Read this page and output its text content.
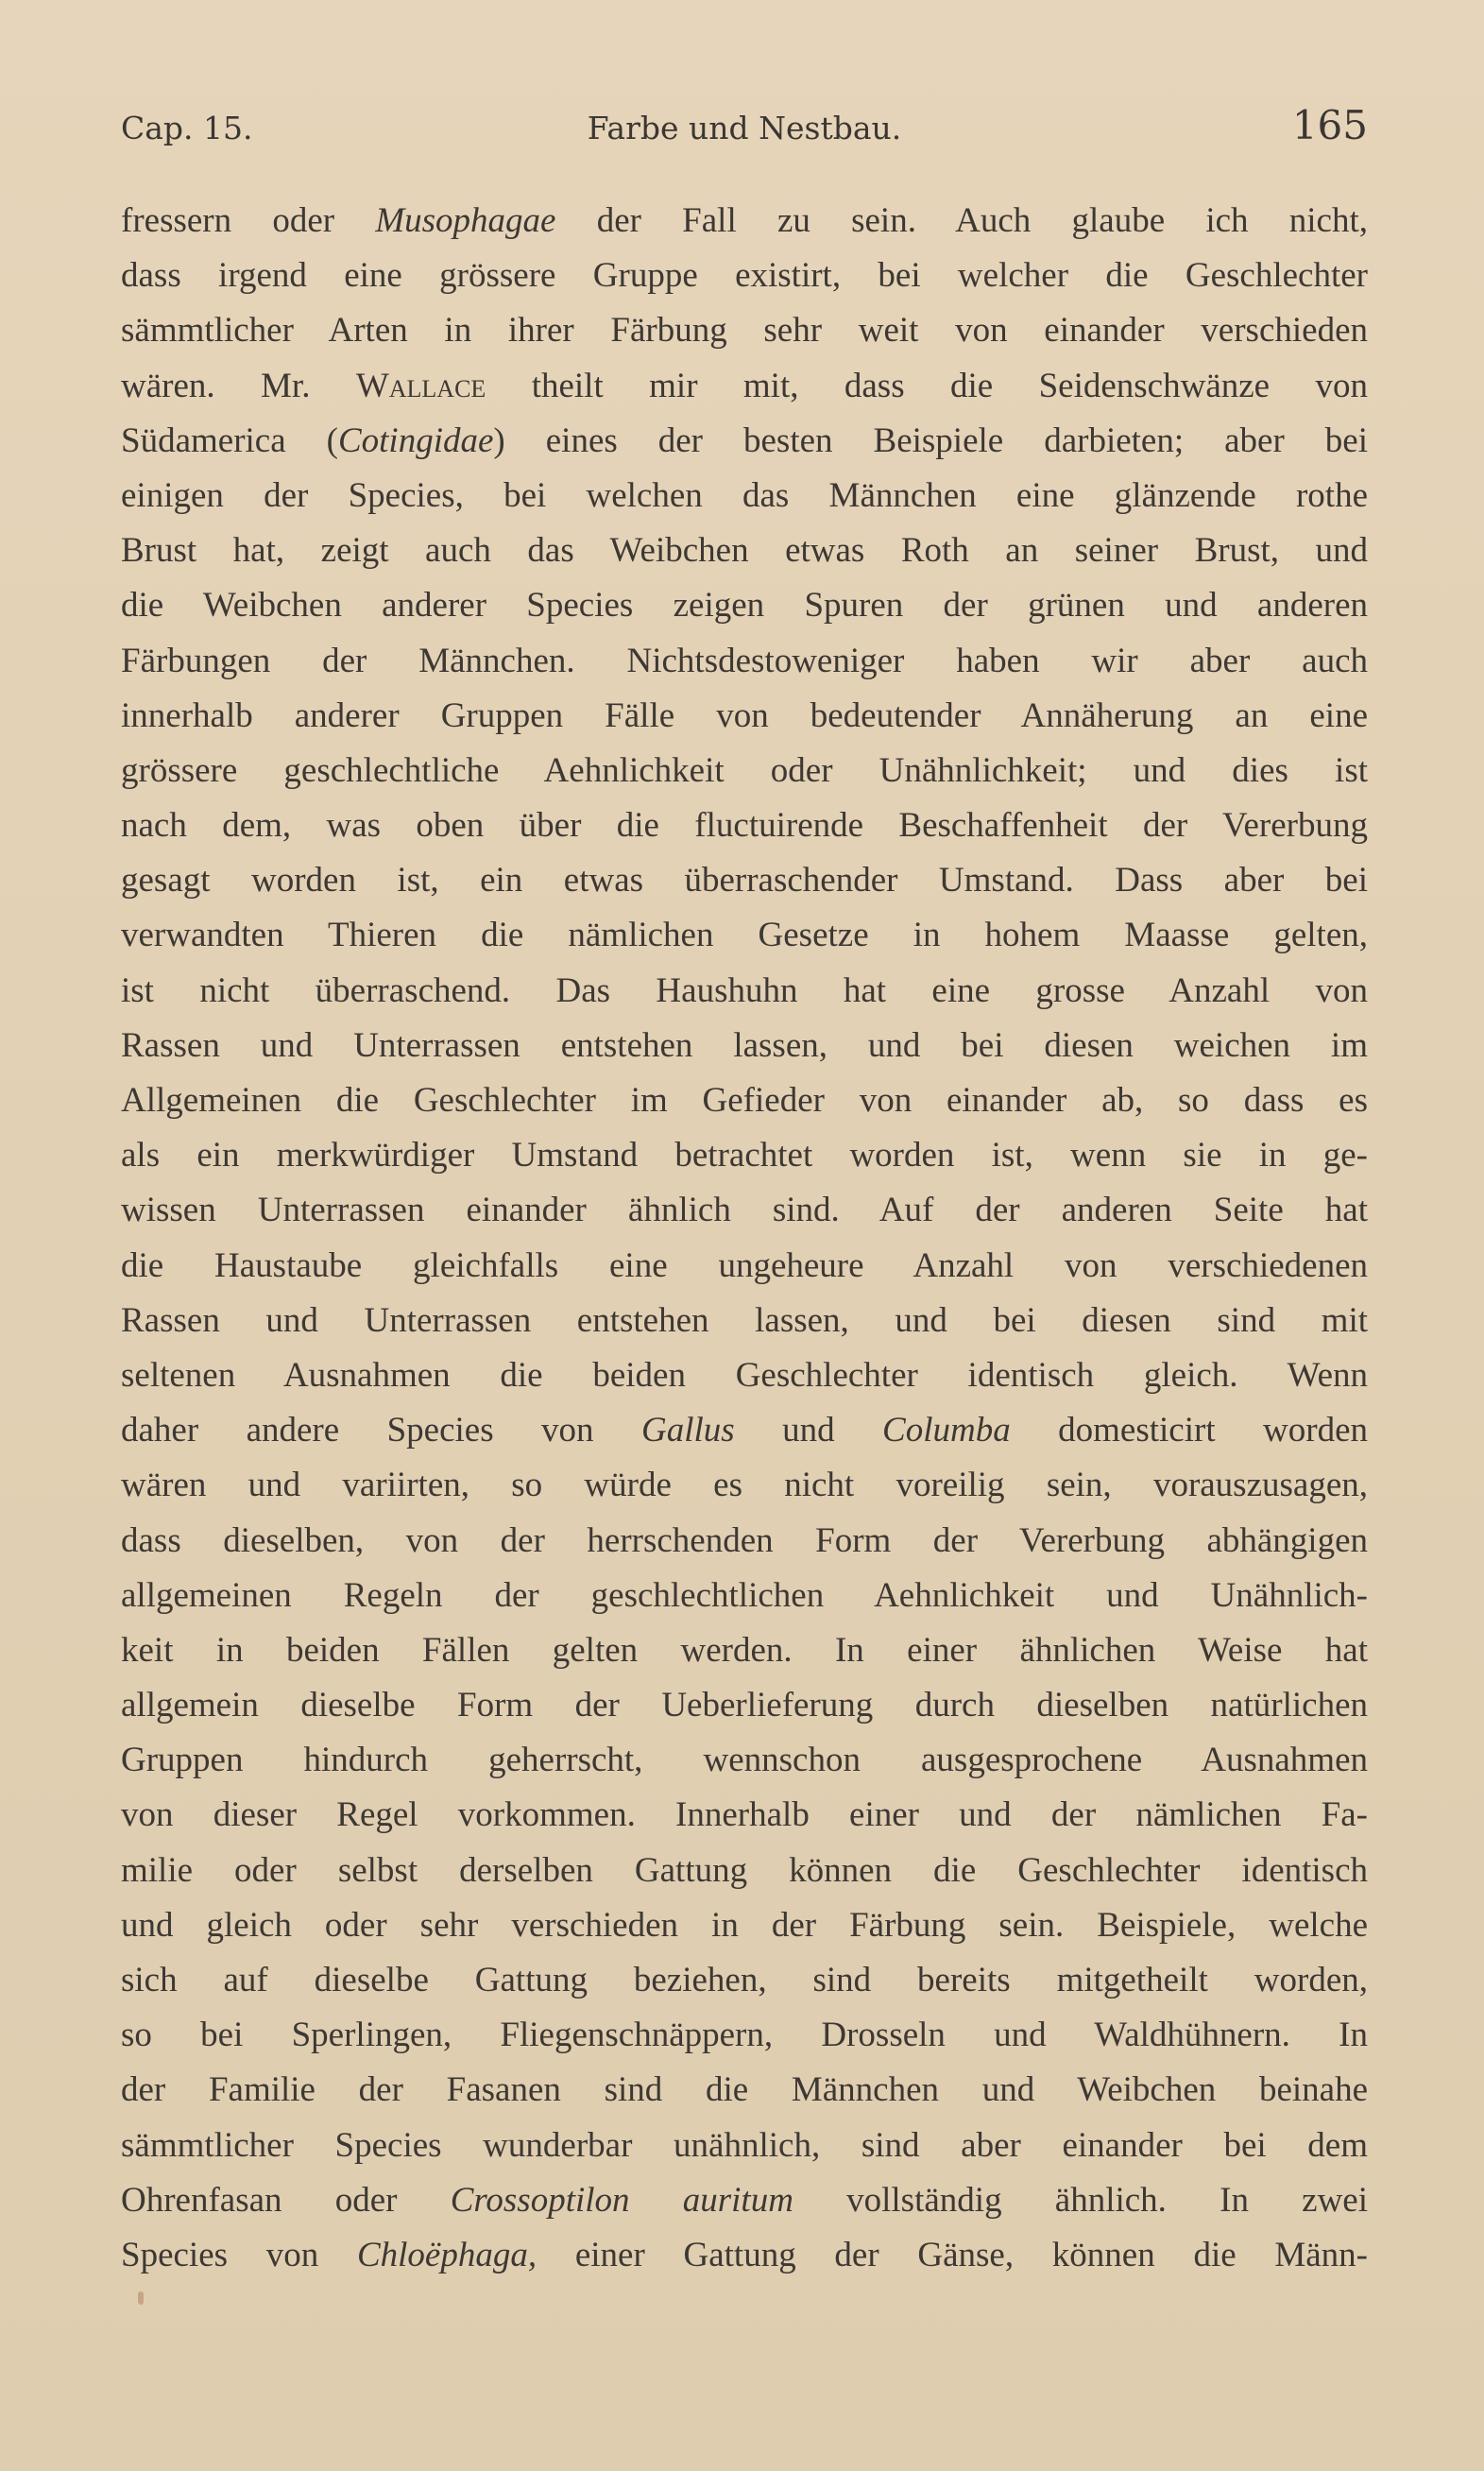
Cap. 15.	Farbe und Nestbau.	165
fressern oder Musophagae der Fall zu sein. Auch glaube ich nicht,
dass irgend eine grössere Gruppe existirt, bei welcher die Geschlechter
sämmtlicher Arten in ihrer Färbung sehr weit von einander verschieden
wären. Mr. Wallace theilt mir mit, dass die Seidenschwänze von
Südamerica (Cotingidae) eines der besten Beispiele darbieten; aber bei
einigen der Species, bei welchen das Männchen eine glänzende rothe
Brust hat, zeigt auch das Weibchen etwas Roth an seiner Brust, und
die Weibchen anderer Species zeigen Spuren der grünen und anderen
Färbungen der Männchen. Nichtsdestoweniger haben wir aber auch
innerhalb anderer Gruppen Fälle von bedeutender Annäherung an eine
grössere geschlechtliche Aehnlichkeit oder Unähnlichkeit; und dies ist
nach dem, was oben über die fluctuirende Beschaffenheit der Vererbung
gesagt worden ist, ein etwas überraschender Umstand. Dass aber bei
verwandten Thieren die nämlichen Gesetze in hohem Maasse gelten,
ist nicht überraschend. Das Haushuhn hat eine grosse Anzahl von
Rassen und Unterrassen entstehen lassen, und bei diesen weichen im
Allgemeinen die Geschlechter im Gefieder von einander ab, so dass es
als ein merkwürdiger Umstand betrachtet worden ist, wenn sie in ge-
wissen Unterrassen einander ähnlich sind. Auf der anderen Seite hat
die Haustaube gleichfalls eine ungeheure Anzahl von verschiedenen
Rassen und Unterrassen entstehen lassen, und bei diesen sind mit
seltenen Ausnahmen die beiden Geschlechter identisch gleich. Wenn
daher andere Species von Gallus und Columba domesticirt worden
wären und variirten, so würde es nicht voreilig sein, vorauszusagen,
dass dieselben, von der herrschenden Form der Vererbung abhängigen
allgemeinen Regeln der geschlechtlichen Aehnlichkeit und Unähnlich-
keit in beiden Fällen gelten werden. In einer ähnlichen Weise hat
allgemein dieselbe Form der Ueberlieferung durch dieselben natürlichen
Gruppen hindurch geherrscht, wennschon ausgesprochene Ausnahmen
von dieser Regel vorkommen. Innerhalb einer und der nämlichen Fa-
milie oder selbst derselben Gattung können die Geschlechter identisch
und gleich oder sehr verschieden in der Färbung sein. Beispiele, welche
sich auf dieselbe Gattung beziehen, sind bereits mitgetheilt worden,
so bei Sperlingen, Fliegenschnäppern, Drosseln und Waldhühnern. In
der Familie der Fasanen sind die Männchen und Weibchen beinahe
sämmtlicher Species wunderbar unähnlich, sind aber einander bei dem
Ohrenfasan oder Crossoptilon auritum vollständig ähnlich. In zwei
Species von Chloëphaga, einer Gattung der Gänse, können die Männ-
